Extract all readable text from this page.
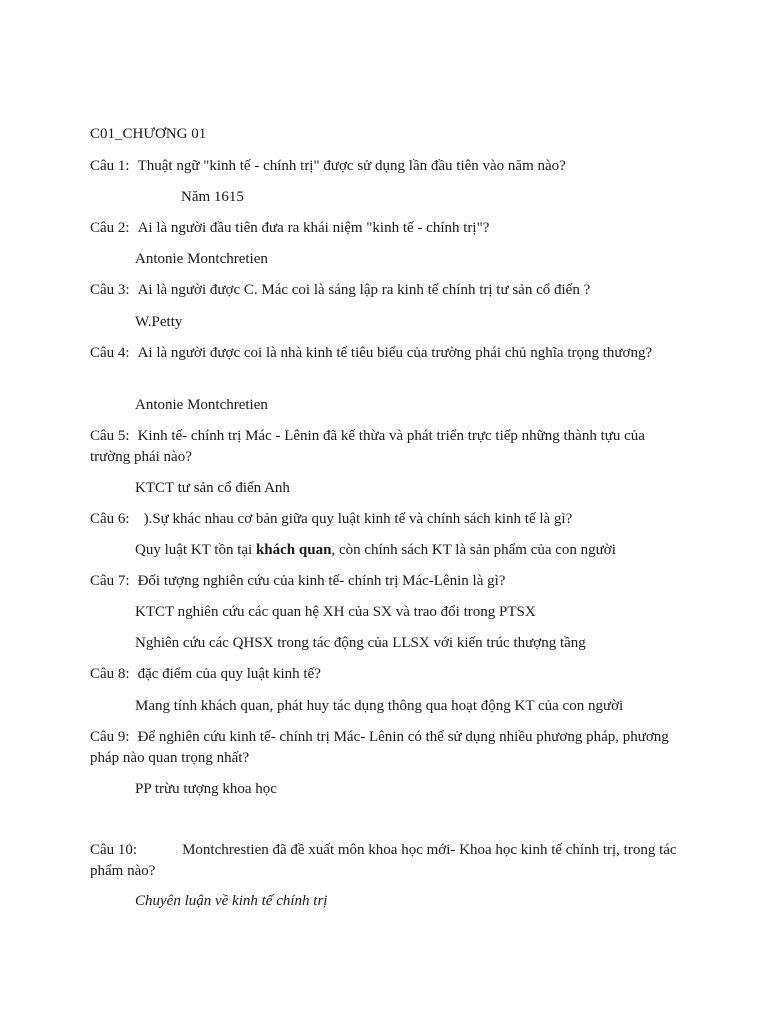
C01_CHƯƠNG 01
Câu 1: Thuật ngữ "kinh tế - chính trị" được sử dụng lần đầu tiên vào năm nào?
Năm 1615
Câu 2: Ai là người đầu tiên đưa ra khái niệm "kinh tế - chính trị"?
Antonie Montchretien
Câu 3: Ai là người được C. Mác coi là sáng lập ra kinh tế chính trị tư sản cổ điển ?
W.Petty
Câu 4: Ai là người được coi là nhà kinh tế tiêu biểu của trường phái chủ nghĩa trọng thương?
Antonie Montchretien
Câu 5: Kinh tế- chính trị Mác - Lênin đã kế thừa và phát triển trực tiếp những thành tựu của trường phái nào?
KTCT tư sản cổ điển Anh
Câu 6: ).Sự khác nhau cơ bản giữa quy luật kinh tế và chính sách kinh tế là gì?
Quy luật KT tồn tại khách quan, còn chính sách KT là sản phẩm của con người
Câu 7: Đối tượng nghiên cứu của kinh tế- chính trị Mác-Lênin là gì?
KTCT nghiên cứu các quan hệ XH của SX và trao đổi trong PTSX
Nghiên cứu các QHSX trong tác động của LLSX với kiến trúc thượng tầng
Câu 8: đặc điểm của quy luật kinh tế?
Mang tính khách quan, phát huy tác dụng thông qua hoạt động KT của con người
Câu 9: Để nghiên cứu kinh tế- chính trị Mác- Lênin có thể sử dụng nhiều phương pháp, phương pháp nào quan trọng nhất?
PP trừu tượng khoa học
Câu 10:	Montchrestien đã đề xuất môn khoa học mới- Khoa học kinh tế chính trị, trong tác phẩm nào?
Chuyên luận về kinh tế chính trị
